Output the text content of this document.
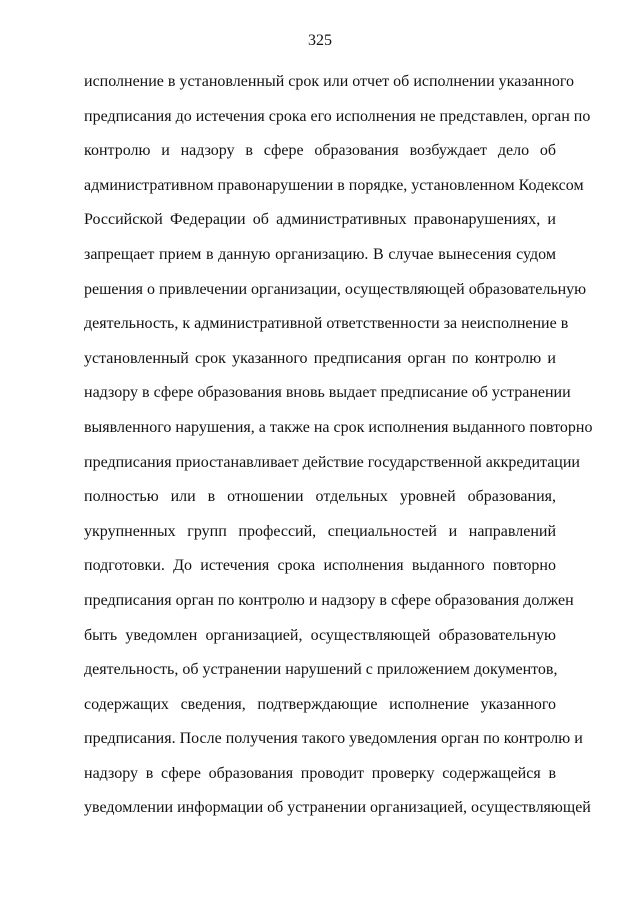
325
исполнение в установленный срок или отчет об исполнении указанного
предписания до истечения срока его исполнения не представлен, орган по
контролю и надзору в сфере образования возбуждает дело об
административном правонарушении в порядке, установленном Кодексом
Российской Федерации об административных правонарушениях, и
запрещает прием в данную организацию. В случае вынесения судом
решения о привлечении организации, осуществляющей образовательную
деятельность, к административной ответственности за неисполнение в
установленный срок указанного предписания орган по контролю и
надзору в сфере образования вновь выдает предписание об устранении
выявленного нарушения, а также на срок исполнения выданного повторно
предписания приостанавливает действие государственной аккредитации
полностью или в отношении отдельных уровней образования,
укрупненных групп профессий, специальностей и направлений
подготовки. До истечения срока исполнения выданного повторно
предписания орган по контролю и надзору в сфере образования должен
быть уведомлен организацией, осуществляющей образовательную
деятельность, об устранении нарушений с приложением документов,
содержащих сведения, подтверждающие исполнение указанного
предписания. После получения такого уведомления орган по контролю и
надзору в сфере образования проводит проверку содержащейся в
уведомлении информации об устранении организацией, осуществляющей
